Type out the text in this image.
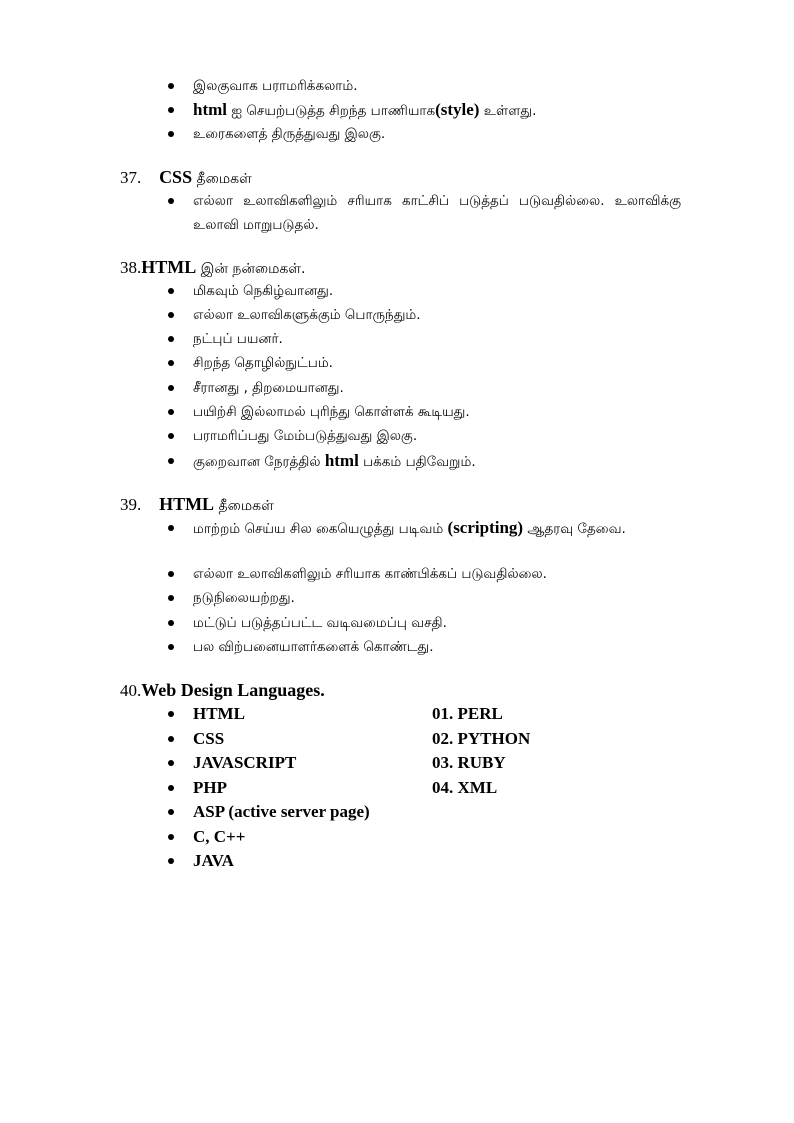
இலகுவாக பராமரிக்கலாம்.
html ஐ செயற்படுத்த சிறந்த பாணியாக(style) உள்ளது.
உரைகளைத் திருத்துவது இலகு.
37. CSS தீமைகள்
எல்லா உலாவிகளிலும் சரியாக காட்சிப் படுத்தப் படுவதில்லை. உலாவிக்கு உலாவி மாறுபடுதல்.
38.HTML இன் நன்மைகள்.
மிகவும் நெகிழ்வானது.
எல்லா உலாவிகளுக்கும் பொருந்தும்.
நட்புப் பயனர்.
சிறந்த தொழில்நுட்பம்.
சீரானது , திறமையானது.
பயிற்சி இல்லாமல் புரிந்து கொள்ளக் கூடியது.
பராமரிப்பது மேம்படுத்துவது இலகு.
குறைவான நேரத்தில் html பக்கம் பதிவேறும்.
39. HTML தீமைகள்
மாற்றம் செய்ய சில கையெழுத்து படிவம் (scripting) ஆதரவு தேவை.
எல்லா உலாவிகளிலும் சரியாக காண்பிக்கப் படுவதில்லை.
நடுநிலையற்றது.
மட்டுப் படுத்தப்பட்ட வடிவமைப்பு வசதி.
பல விற்பனையாளர்களைக் கொண்டது.
40.Web Design Languages.
HTML
CSS
JAVASCRIPT
PHP
ASP (active server page)
C, C++
JAVA
01. PERL
02. PYTHON
03. RUBY
04. XML
